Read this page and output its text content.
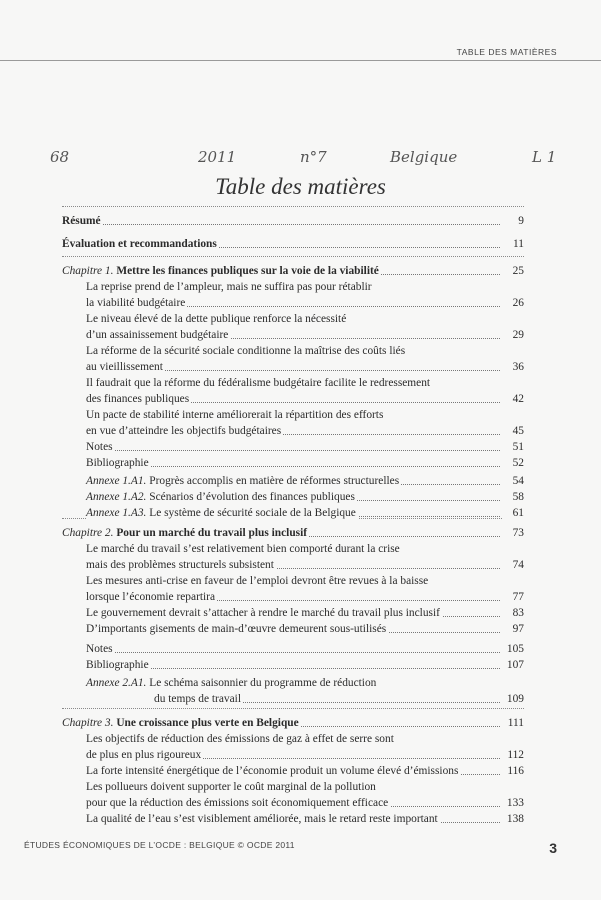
TABLE DES MATIÈRES
68	2011	n°7	Belgique	L 1
Table des matières
Résumé	9
Évaluation et recommandations	11
Chapitre 1. Mettre les finances publiques sur la voie de la viabilité	25
La reprise prend de l’ampleur, mais ne suffira pas pour rétablir
la viabilité budgétaire	26
Le niveau élevé de la dette publique renforce la nécessité
d’un assainissement budgétaire	29
La réforme de la sécurité sociale conditionne la maîtrise des coûts liés
au vieillissement	36
Il faudrait que la réforme du fédéralisme budgétaire facilite le redressement
des finances publiques	42
Un pacte de stabilité interne améliorerait la répartition des efforts
en vue d’atteindre les objectifs budgétaires	45
Notes	51
Bibliographie	52
Annexe 1.A1. Progrès accomplis en matière de réformes structurelles	54
Annexe 1.A2. Scénarios d’évolution des finances publiques	58
Annexe 1.A3. Le système de sécurité sociale de la Belgique	61
Chapitre 2. Pour un marché du travail plus inclusif	73
Le marché du travail s’est relativement bien comporté durant la crise
mais des problèmes structurels subsistent	74
Les mesures anti-crise en faveur de l’emploi devront être revues à la baisse
lorsque l’économie repartira	77
Le gouvernement devrait s’attacher à rendre le marché du travail plus inclusif	83
D’importants gisements de main-d’œuvre demeurent sous-utilisés	97
Notes	105
Bibliographie	107
Annexe 2.A1. Le schéma saisonnier du programme de réduction
du temps de travail	109
Chapitre 3. Une croissance plus verte en Belgique	111
Les objectifs de réduction des émissions de gaz à effet de serre sont
de plus en plus rigoureux	112
La forte intensité énergétique de l’économie produit un volume élevé d’émissions	116
Les pollueurs doivent supporter le coût marginal de la pollution
pour que la réduction des émissions soit économiquement efficace	133
La qualité de l’eau s’est visiblement améliorée, mais le retard reste important	138
ÉTUDES ÉCONOMIQUES DE L’OCDE : BELGIQUE © OCDE 2011	3
